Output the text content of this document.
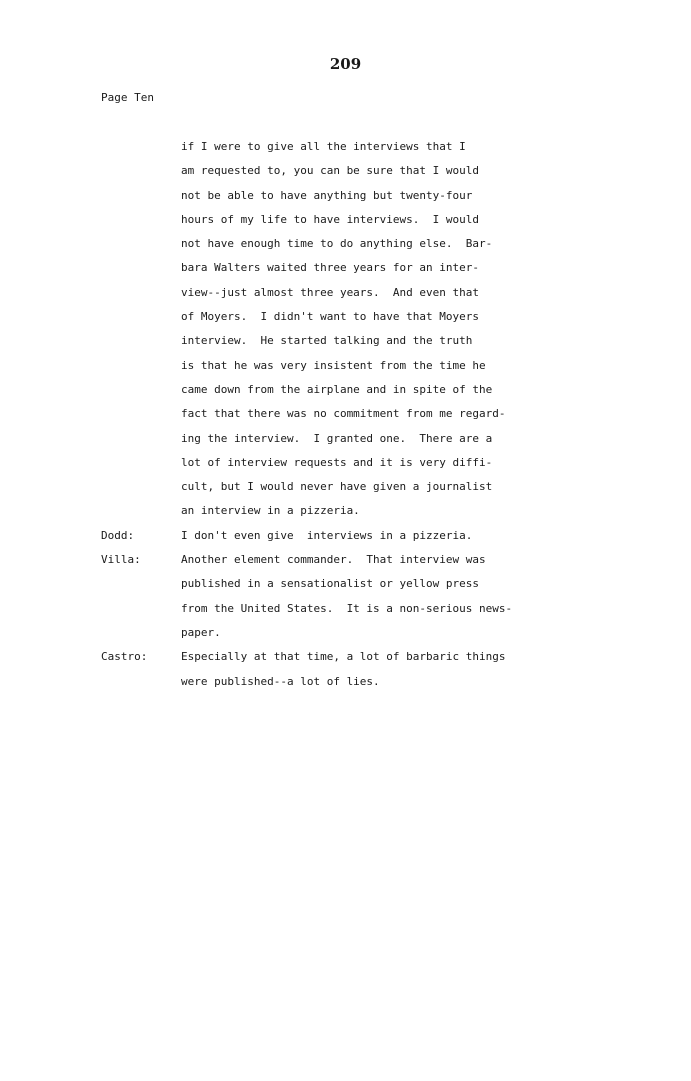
209
Page Ten
if I were to give all the interviews that I
am requested to, you can be sure that I would
not be able to have anything but twenty-four
hours of my life to have interviews.  I would
not have enough time to do anything else.  Bar-
bara Walters waited three years for an inter-
view--just almost three years.  And even that
of Moyers.  I didn't want to have that Moyers
interview.  He started talking and the truth
is that he was very insistent from the time he
came down from the airplane and in spite of the
fact that there was no commitment from me regard-
ing the interview.  I granted one.  There are a
lot of interview requests and it is very diffi-
cult, but I would never have given a journalist
an interview in a pizzeria.
Dodd:	I don't even give  interviews in a pizzeria.
Villa:	Another element commander.  That interview was
published in a sensationalist or yellow press
from the United States.  It is a non-serious news-
paper.
Castro:	Especially at that time, a lot of barbaric things
were published--a lot of lies.
